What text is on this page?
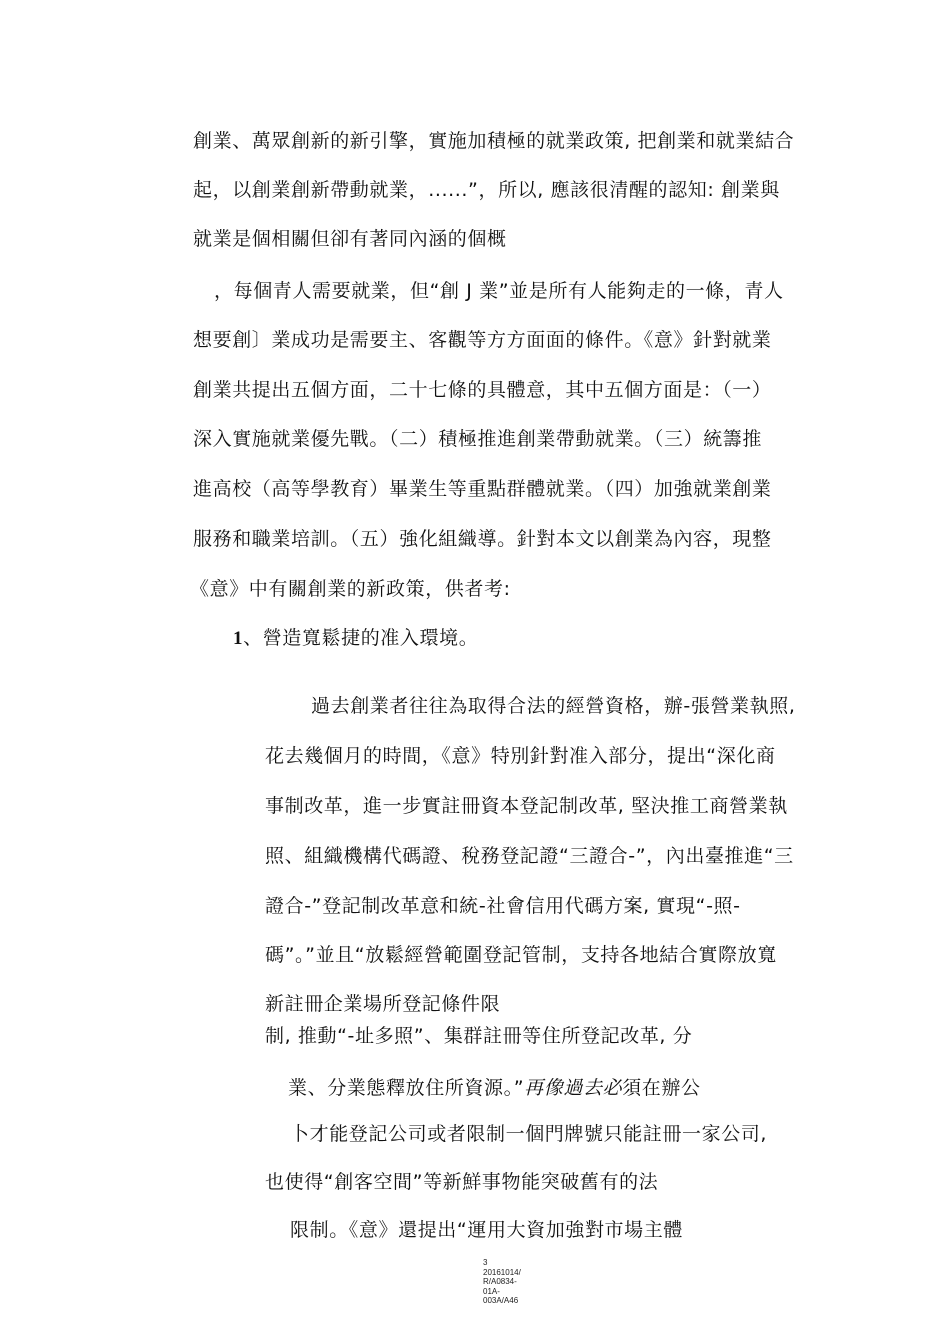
創業、萬眾創新的新引擎，實施加積極的就業政策, 把創業和就業結合
起，以創業創新帶動就業，......”，所以, 應該很清醒的認知: 創業與
就業是個相關但卻有著同內涵的個概
，每個青人需要就業，但“創 J 業”並是所有人能夠走的一條，青人
想要創〕業成功是需要主、客觀等方方面面的條件。《意》針對就業
創業共提出五個方面，二十七條的具體意，其中五個方面是：（一）
深入實施就業優先戰。（二）積極推進創業帶動就業。（三）統籌推
進高校（高等學教育）畢業生等重點群體就業。（四）加強就業創業
服務和職業培訓。（五）強化組織導。針對本文以創業為內容，現整
《意》中有關創業的新政策，供者考:
1、營造寬鬆捷的准入環境。
過去創業者往往為取得合法的經營資格，辦-張營業執照,
花去幾個月的時間，《意》特別針對准入部分，提出“深化商
事制改革，進一步實註冊資本登記制改革, 堅決推工商營業執
照、組織機構代碼證、稅務登記證“三證合-”，內出臺推進“三
證合-”登記制改革意和統-社會信用代碼方案, 實現“-照-
碼”。”並且“放鬆經營範圍登記管制，支持各地結合實際放寬
新註冊企業場所登記條件限
制, 推動“-址多照”、集群註冊等住所登記改革, 分
業、分業態釋放住所資源。”再像過去必須在辦公
卜才能登記公司或者限制一個門牌號只能註冊一家公司,
也使得“創客空間”等新鮮事物能突破舊有的法
限制。《意》還提出“運用大資加強對市場主體
3
20161014/
R/A0834-
01A-
003A/A46
